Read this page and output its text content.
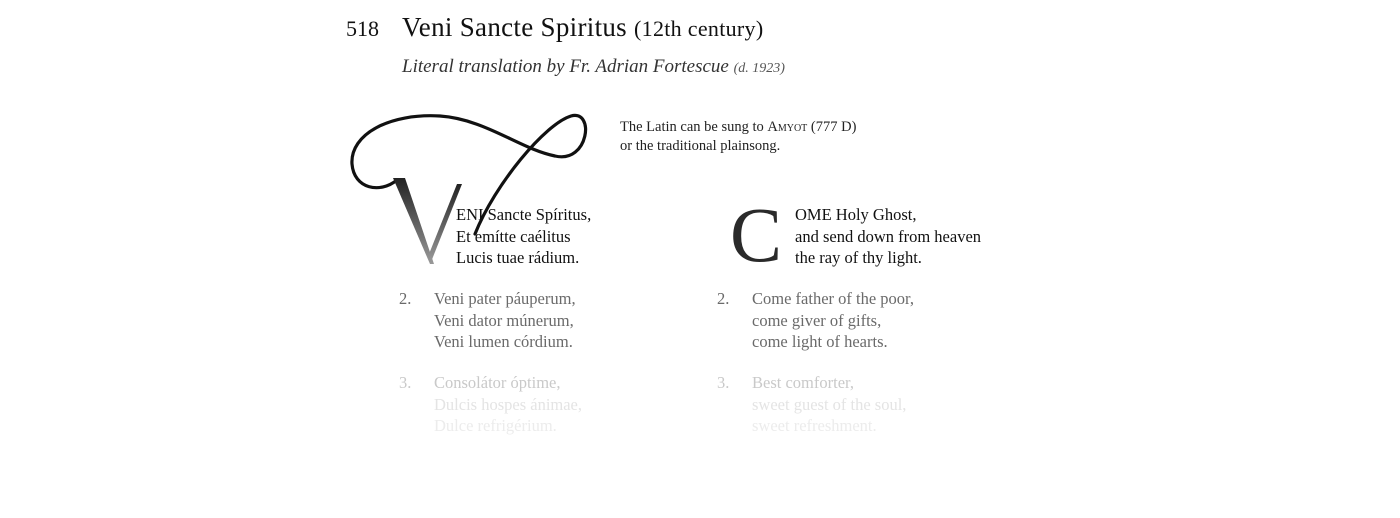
518 Veni Sancte Spiritus (12th century)
Literal translation by Fr. Adrian Fortescue (d. 1923)
The Latin can be sung to Amyot (777 D)
or the traditional plainsong.
ENI Sancte Spíritus,
Et emítte caélitus
Lucis tuae rádium. C OME Holy Ghost,
and send down from heaven
the ray of thy light.
2. Veni pater páuperum,
Veni dator múnerum,
Veni lumen córdium.
2. Come father of the poor,
come giver of gifts,
come light of hearts.
3. Consolátor óptime,
Dulcis hospes ánimae,
Dulce refrigérium.
3. Best comforter,
sweet guest of the soul,
sweet refreshment.
